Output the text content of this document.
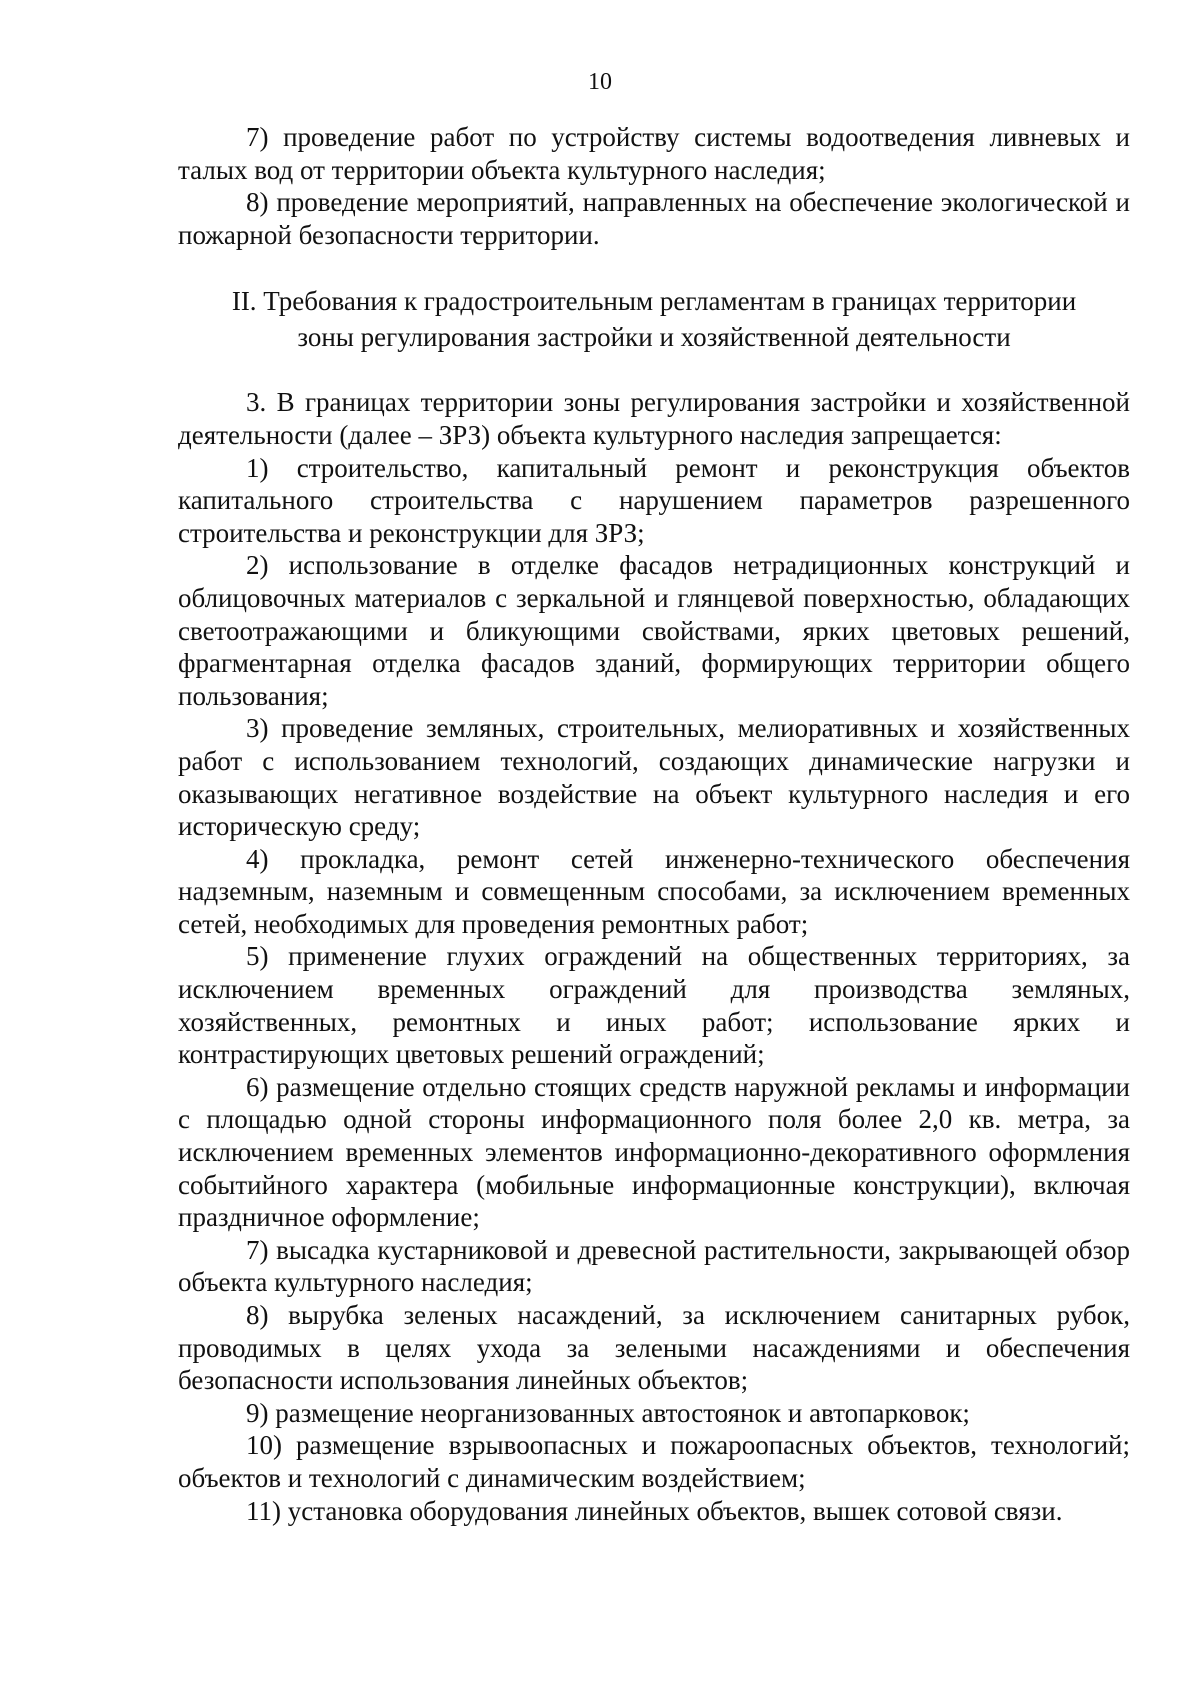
10

7) проведение работ по устройству системы водоотведения ливневых и талых вод от территории объекта культурного наследия;

8) проведение мероприятий, направленных на обеспечение экологической и пожарной безопасности территории.

II. Требования к градостроительным регламентам в границах территории
зоны регулирования застройки и хозяйственной деятельности

3. В границах территории зоны регулирования застройки и хозяйственной деятельности (далее – ЗРЗ) объекта культурного наследия запрещается:

1) строительство, капитальный ремонт и реконструкция объектов капитального строительства с нарушением параметров разрешенного строительства и реконструкции для ЗРЗ;

2) использование в отделке фасадов нетрадиционных конструкций и облицовочных материалов с зеркальной и глянцевой поверхностью, обладающих светоотражающими и бликующими свойствами, ярких цветовых решений, фрагментарная отделка фасадов зданий, формирующих территории общего пользования;

3) проведение земляных, строительных, мелиоративных и хозяйственных работ с использованием технологий, создающих динамические нагрузки и оказывающих негативное воздействие на объект культурного наследия и его историческую среду;

4) прокладка, ремонт сетей инженерно-технического обеспечения надземным, наземным и совмещенным способами, за исключением временных сетей, необходимых для проведения ремонтных работ;

5) применение глухих ограждений на общественных территориях, за исключением временных ограждений для производства земляных, хозяйственных, ремонтных и иных работ; использование ярких и контрастирующих цветовых решений ограждений;

6) размещение отдельно стоящих средств наружной рекламы и информации с площадью одной стороны информационного поля более 2,0 кв. метра, за исключением временных элементов информационно-декоративного оформления событийного характера (мобильные информационные конструкции), включая праздничное оформление;

7) высадка кустарниковой и древесной растительности, закрывающей обзор объекта культурного наследия;

8) вырубка зеленых насаждений, за исключением санитарных рубок, проводимых в целях ухода за зелеными насаждениями и обеспечения безопасности использования линейных объектов;

9) размещение неорганизованных автостоянок и автопарковок;

10) размещение взрывоопасных и пожароопасных объектов, технологий; объектов и технологий с динамическим воздействием;

11) установка оборудования линейных объектов, вышек сотовой связи.
